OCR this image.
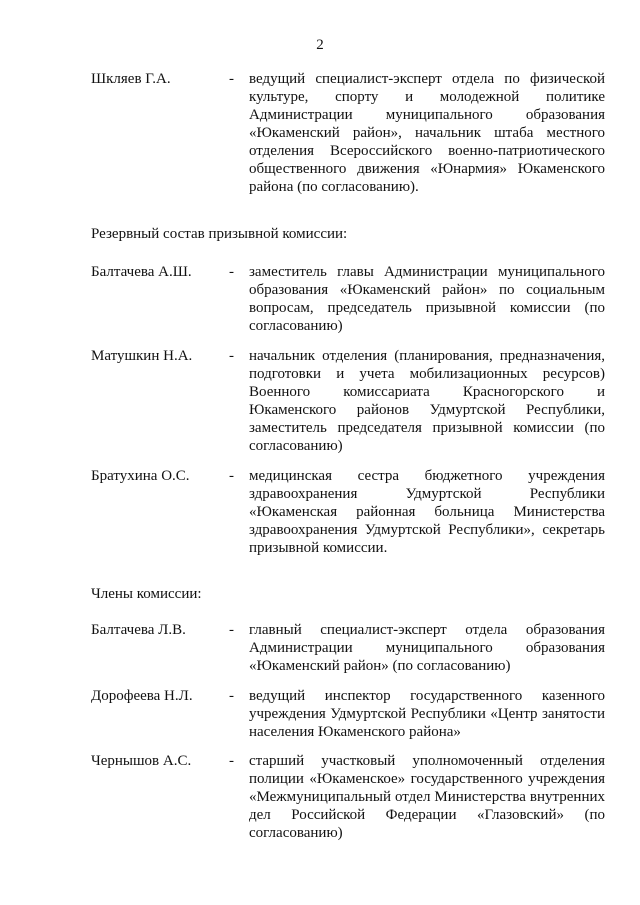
2
Шкляев Г.А.	-	ведущий специалист-эксперт отдела по физической культуре, спорту и молодежной политике Администрации муниципального образования «Юкаменский район», начальник штаба местного отделения Всероссийского военно-патриотического общественного движения «Юнармия» Юкаменского района (по согласованию).
Резервный состав призывной комиссии:
Балтачева А.Ш.	-	заместитель главы Администрации муниципального образования «Юкаменский район» по социальным вопросам, председатель призывной комиссии (по согласованию)
Матушкин Н.А.	-	начальник отделения (планирования, предназначения, подготовки и учета мобилизационных ресурсов) Военного комиссариата Красногорского и Юкаменского районов Удмуртской Республики, заместитель председателя призывной комиссии (по согласованию)
Братухина О.С.	-	медицинская сестра бюджетного учреждения здравоохранения Удмуртской Республики «Юкаменская районная больница Министерства здравоохранения Удмуртской Республики», секретарь призывной комиссии.
Члены комиссии:
Балтачева Л.В.	-	главный специалист-эксперт отдела образования Администрации муниципального образования «Юкаменский район» (по согласованию)
Дорофеева Н.Л.	-	ведущий инспектор государственного казенного учреждения Удмуртской Республики «Центр занятости населения Юкаменского района»
Чернышов А.С.	-	старший участковый уполномоченный отделения полиции «Юкаменское» государственного учреждения «Межмуниципальный отдел Министерства внутренних дел Российской Федерации «Глазовский» (по согласованию)
